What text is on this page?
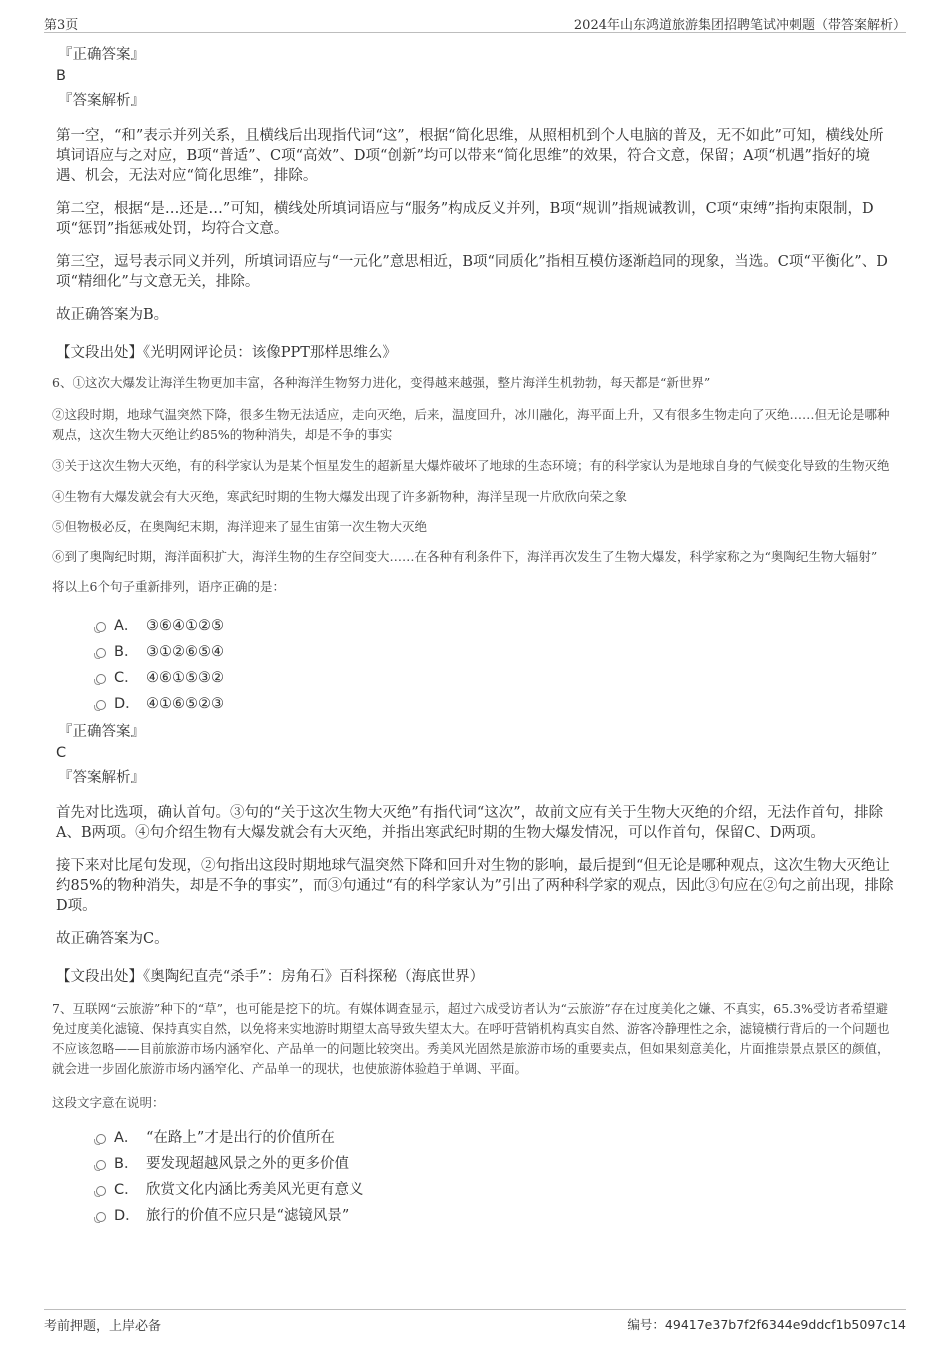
第3页	2024年山东鸿道旅游集团招聘笔试冲刺题（带答案解析）
『正确答案』
B
『答案解析』

第一空，“和”表示并列关系，且横线后出现指代词“这”，根据“简化思维，从照相机到个人电脑的普及，无不如此”可知，横线处所填词语应与之对应，B项“普适”、C项“高效”、D项“创新”均可以带来“简化思维”的效果，符合文意，保留；A项“机遇”指好的境遇、机会，无法对应“简化思维”，排除。

第二空，根据“是…还是…”可知，横线处所填词语应与“服务”构成反义并列，B项“规训”指规诫教训，C项“束缚”指拘束限制，D项“惩罚”指惩戒处罚，均符合文意。

第三空，逗号表示同义并列，所填词语应与“一元化”意思相近，B项“同质化”指相互模仿逐渐趋同的现象，当选。C项“平衡化”、D项“精细化”与文意无关，排除。

故正确答案为B。

【文段出处】《光明网评论员：该像PPT那样思维么》

6、①这次大爆发让海洋生物更加丰富，各种海洋生物努力进化，变得越来越强，整片海洋生机勃勃，每天都是“新世界”

②这段时期，地球气温突然下降，很多生物无法适应，走向灭绝，后来，温度回升，冰川融化，海平面上升，又有很多生物走向了灭绝……但无论是哪种观点，这次生物大灭绝让约85%的物种消失，却是不争的事实

③关于这次生物大灭绝，有的科学家认为是某个恒星发生的超新星大爆炸破坏了地球的生态环境；有的科学家认为是地球自身的气候变化导致的生物灭绝

④生物有大爆发就会有大灭绝，寒武纪时期的生物大爆发出现了许多新物种，海洋呈现一片欣欣向荣之象

⑤但物极必反，在奥陶纪末期，海洋迎来了显生宙第一次生物大灭绝

⑥到了奥陶纪时期，海洋面积扩大，海洋生物的生存空间变大……在各种有利条件下，海洋再次发生了生物大爆发，科学家称之为“奥陶纪生物大辐射”

将以上6个句子重新排列，语序正确的是：

A． ③⑥④①②⑤
B． ③①②⑥⑤④
C． ④⑥①⑤③②
D． ④①⑥⑤②③
『正确答案』
C
『答案解析』

首先对比选项，确认首句。③句的“关于这次生物大灭绝”有指代词“这次”，故前文应有关于生物大灭绝的介绍，无法作首句，排除A、B两项。④句介绍生物有大爆发就会有大灭绝，并指出寒武纪时期的生物大爆发情况，可以作首句，保留C、D两项。

接下来对比尾句发现，②句指出这段时期地球气温突然下降和回升对生物的影响，最后提到“但无论是哪种观点，这次生物大灭绝让约85%的物种消失，却是不争的事实”，而③句通过“有的科学家认为”引出了两种科学家的观点，因此③句应在②句之前出现，排除D项。

故正确答案为C。

【文段出处】《奥陶纪直壳“杀手”：房角石》百科探秘（海底世界）

7、互联网“云旅游”种下的“草”，也可能是挖下的坑。有媒体调查显示，超过六成受访者认为“云旅游”存在过度美化之嫌、不真实，65.3%受访者希望避免过度美化滤镜、保持真实自然，以免将来实地游时期望太高导致失望太大。在呼吁营销机构真实自然、游客冷静理性之余，滤镜横行背后的一个问题也不应该忽略——目前旅游市场内涵窄化、产品单一的问题比较突出。秀美风光固然是旅游市场的重要卖点，但如果刻意美化，片面推崇景点景区的颜值，就会进一步固化旅游市场内涵窄化、产品单一的现状，也使旅游体验趋于单调、平面。

这段文字意在说明：

A． “在路上”才是出行的价值所在
B． 要发现超越风景之外的更多价值
C． 欣赏文化内涵比秀美风光更有意义
D． 旅行的价值不应只是“滤镜风景”
考前押题，上岸必备	编号：49417e37b7f2f6344e9ddcf1b5097c14
